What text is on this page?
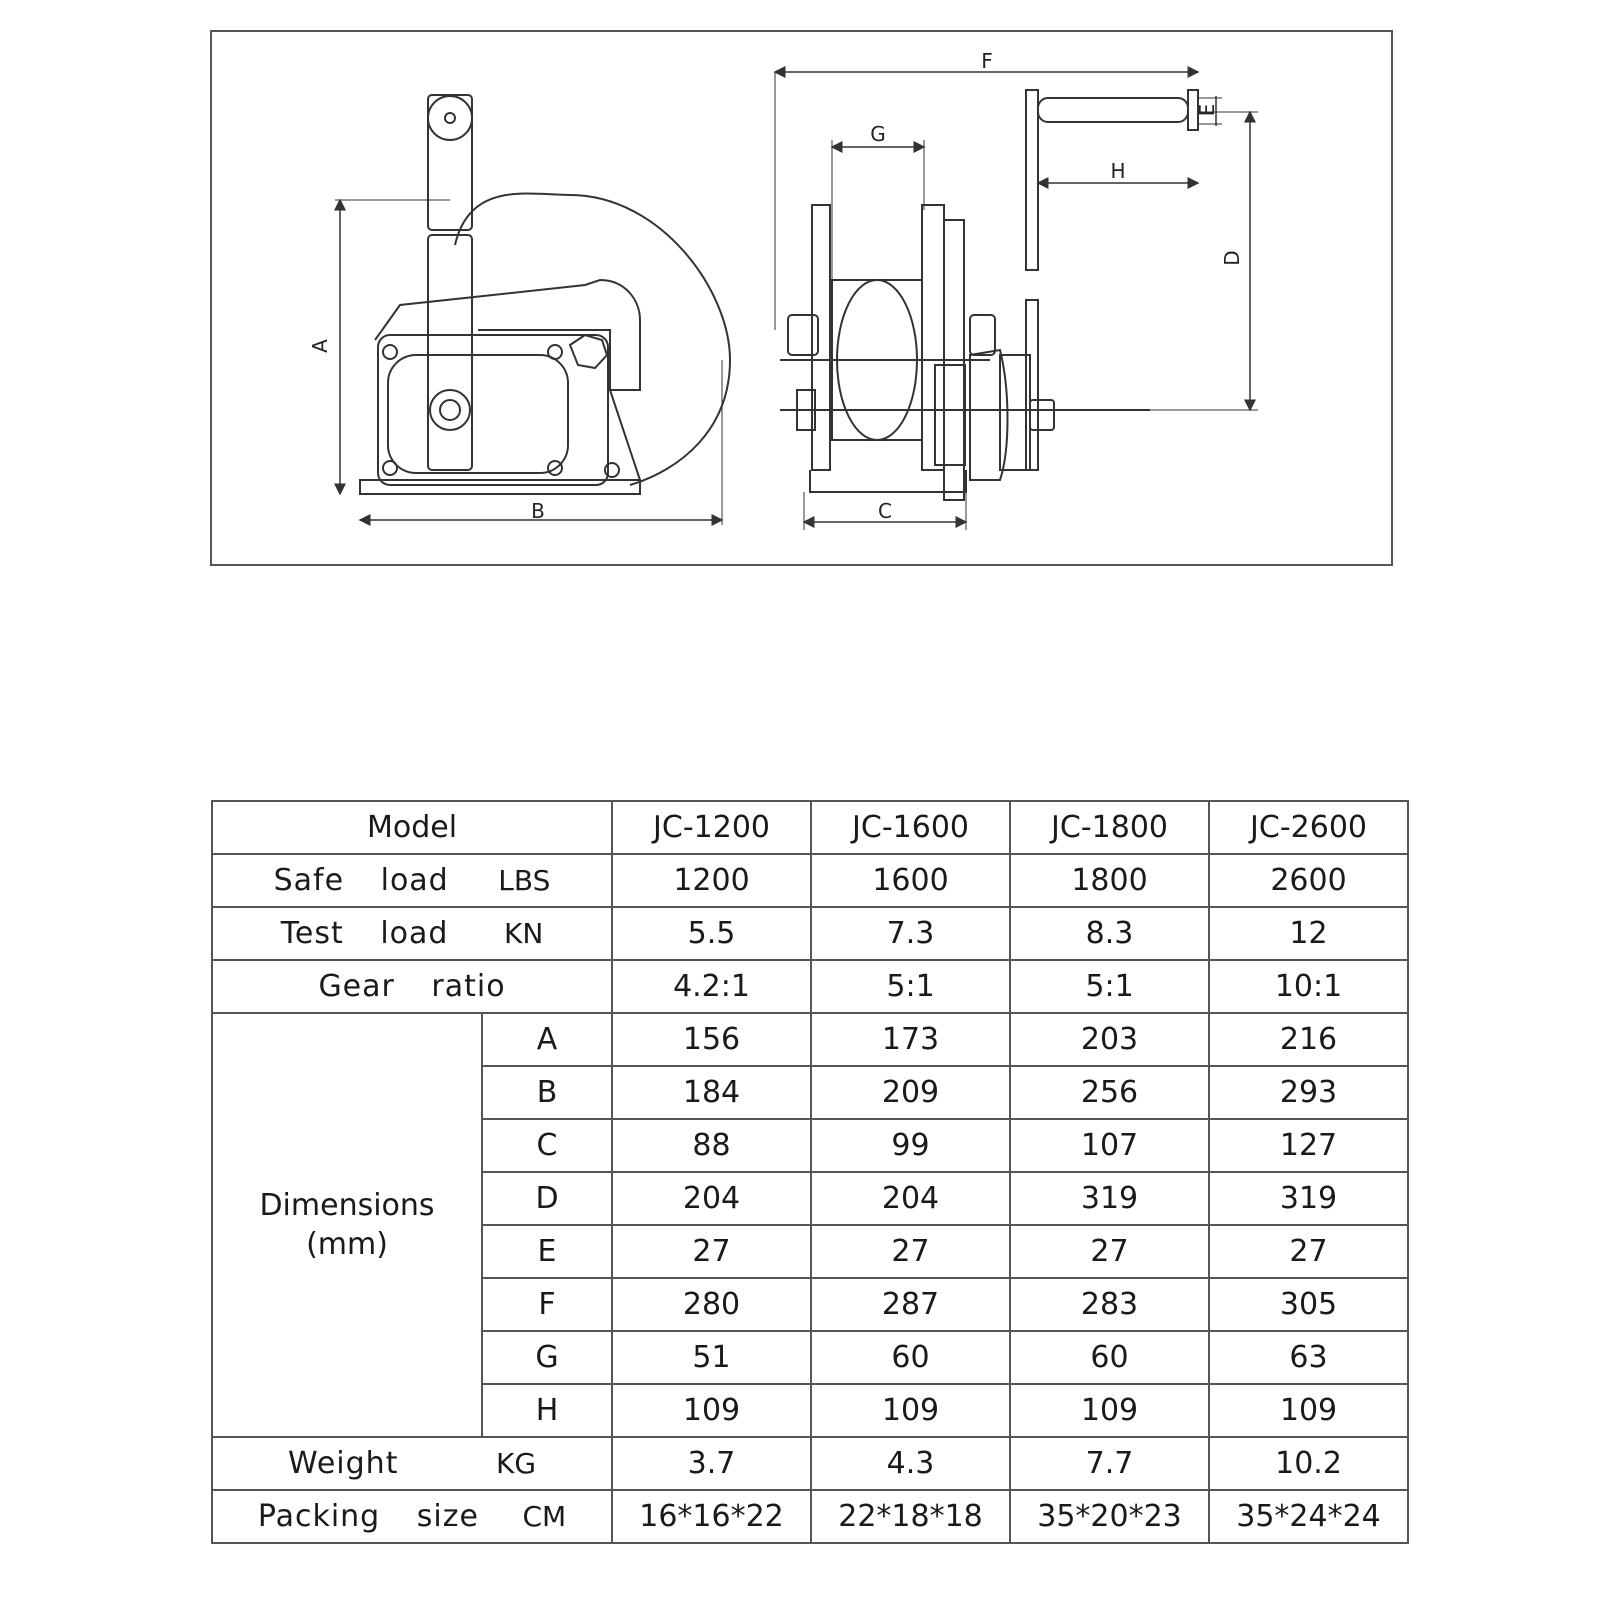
A
B
F
G
H
D
E
C
Model		JC-1200	JC-1600	JC-1800	JC-2600
Safe load LBS		1200	1600	1800	2600
Test load KN		5.5	7.3	8.3	12
Gear ratio		4.2:1	5:1	5:1	10:1

Dimensions
(mm)	A	156	173	203	216
	B	184	209	256	293
	C	88	99	107	127
	D	204	204	319	319
	E	27	27	27	27
	F	280	287	283	305
	G	51	60	60	63
	H	109	109	109	109
Weight KG		3.7	4.3	7.7	10.2
Packing size CM		16*16*22	22*18*18	35*20*23	35*24*24
